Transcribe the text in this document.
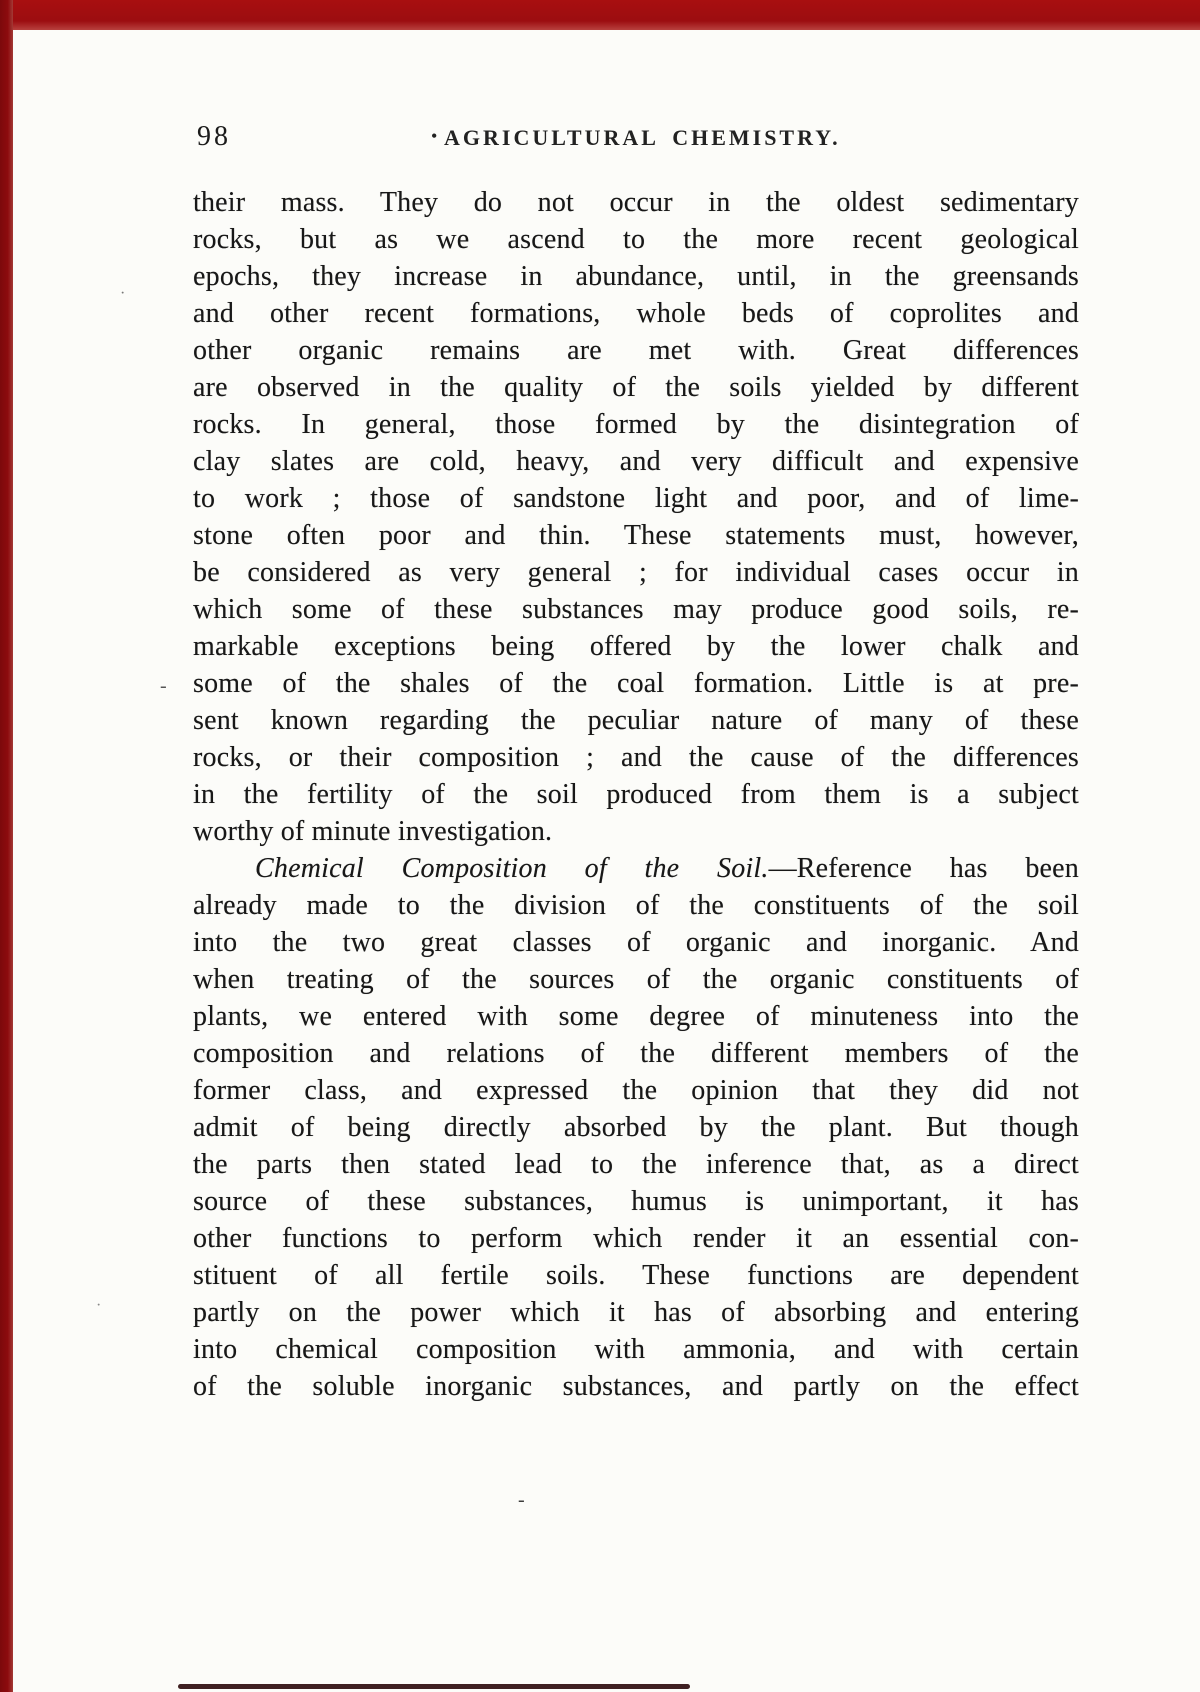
98	• AGRICULTURAL CHEMISTRY.
their mass. They do not occur in the oldest sedimentary
rocks, but as we ascend to the more recent geological
epochs, they increase in abundance, until, in the greensands
and other recent formations, whole beds of coprolites and
other organic remains are met with. Great differences
are observed in the quality of the soils yielded by different
rocks. In general, those formed by the disintegration of
clay slates are cold, heavy, and very difficult and expensive
to work ; those of sandstone light and poor, and of lime-
stone often poor and thin. These statements must, however,
be considered as very general ; for individual cases occur in
which some of these substances may produce good soils, re-
markable exceptions being offered by the lower chalk and
some of the shales of the coal formation. Little is at pre-
sent known regarding the peculiar nature of many of these
rocks, or their composition ; and the cause of the differences
in the fertility of the soil produced from them is a subject
worthy of minute investigation.
Chemical Composition of the Soil.—Reference has been
already made to the division of the constituents of the soil
into the two great classes of organic and inorganic. And
when treating of the sources of the organic constituents of
plants, we entered with some degree of minuteness into the
composition and relations of the different members of the
former class, and expressed the opinion that they did not
admit of being directly absorbed by the plant. But though
the parts then stated lead to the inference that, as a direct
source of these substances, humus is unimportant, it has
other functions to perform which render it an essential con-
stituent of all fertile soils. These functions are dependent
partly on the power which it has of absorbing and entering
into chemical composition with ammonia, and with certain
of the soluble inorganic substances, and partly on the effect
·
-
·
-
